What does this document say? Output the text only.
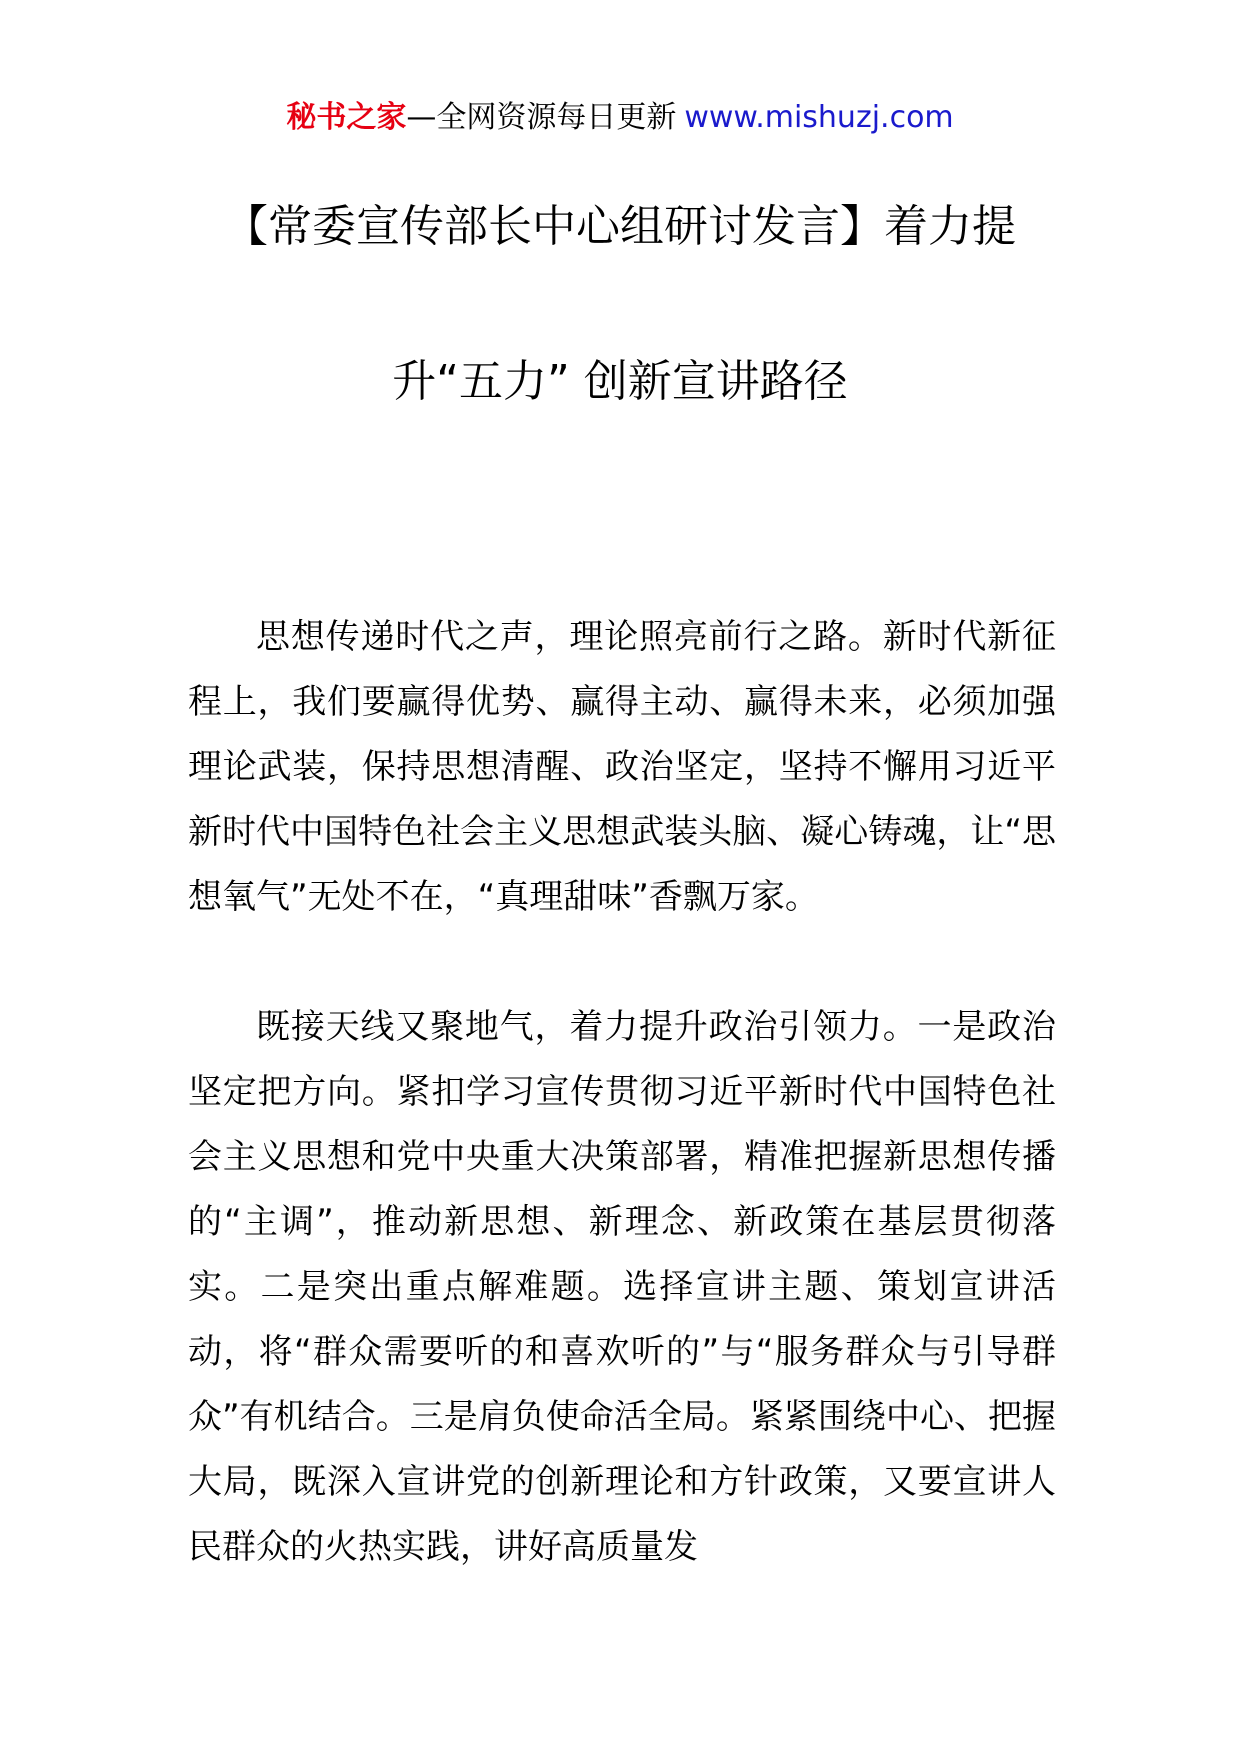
秘书之家—全网资源每日更新 www.mishuzj.com
【常委宣传部长中心组研讨发言】着力提
升“五力” 创新宣讲路径

思想传递时代之声，理论照亮前行之路。新时代新征程上，我们要赢得优势、赢得主动、赢得未来，必须加强理论武装，保持思想清醒、政治坚定，坚持不懈用习近平新时代中国特色社会主义思想武装头脑、凝心铸魂，让“思想氧气”无处不在，“真理甜味”香飘万家。

既接天线又聚地气，着力提升政治引领力。一是政治坚定把方向。紧扣学习宣传贯彻习近平新时代中国特色社会主义思想和党中央重大决策部署，精准把握新思想传播的“主调”，推动新思想、新理念、新政策在基层贯彻落实。二是突出重点解难题。选择宣讲主题、策划宣讲活动，将“群众需要听的和喜欢听的”与“服务群众与引导群众”有机结合。三是肩负使命活全局。紧紧围绕中心、把握大局，既深入宣讲党的创新理论和方针政策，又要宣讲人民群众的火热实践，讲好高质量发
